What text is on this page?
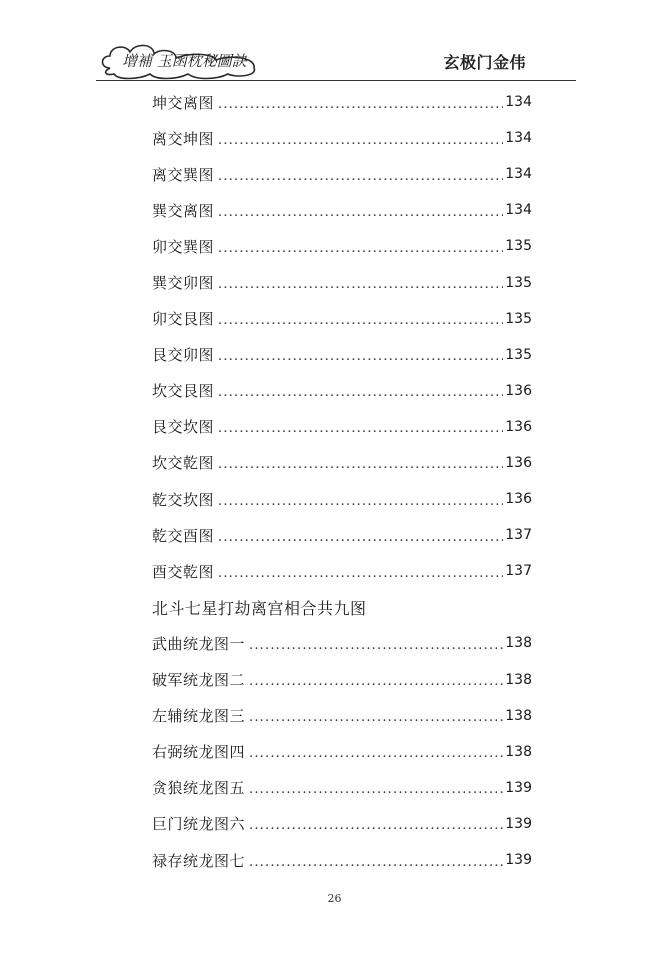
增補 玉函枕秘圖訣	玄极门金伟
坤交离图 .....	134
离交坤图 .....	134
离交巽图 .....	134
巽交离图 .....	134
卯交巽图 .....	135
巽交卯图 .....	135
卯交艮图 .....	135
艮交卯图 .....	135
坎交艮图 .....	136
艮交坎图 .....	136
坎交乾图 .....	136
乾交坎图 .....	136
乾交酉图 .....	137
酉交乾图 .....	137
北斗七星打劫离宫相合共九图
武曲统龙图一 .....	138
破军统龙图二 .....	138
左辅统龙图三 .....	138
右弼统龙图四 .....	138
贪狼统龙图五 .....	139
巨门统龙图六 .....	139
禄存统龙图七 .....	139
26
